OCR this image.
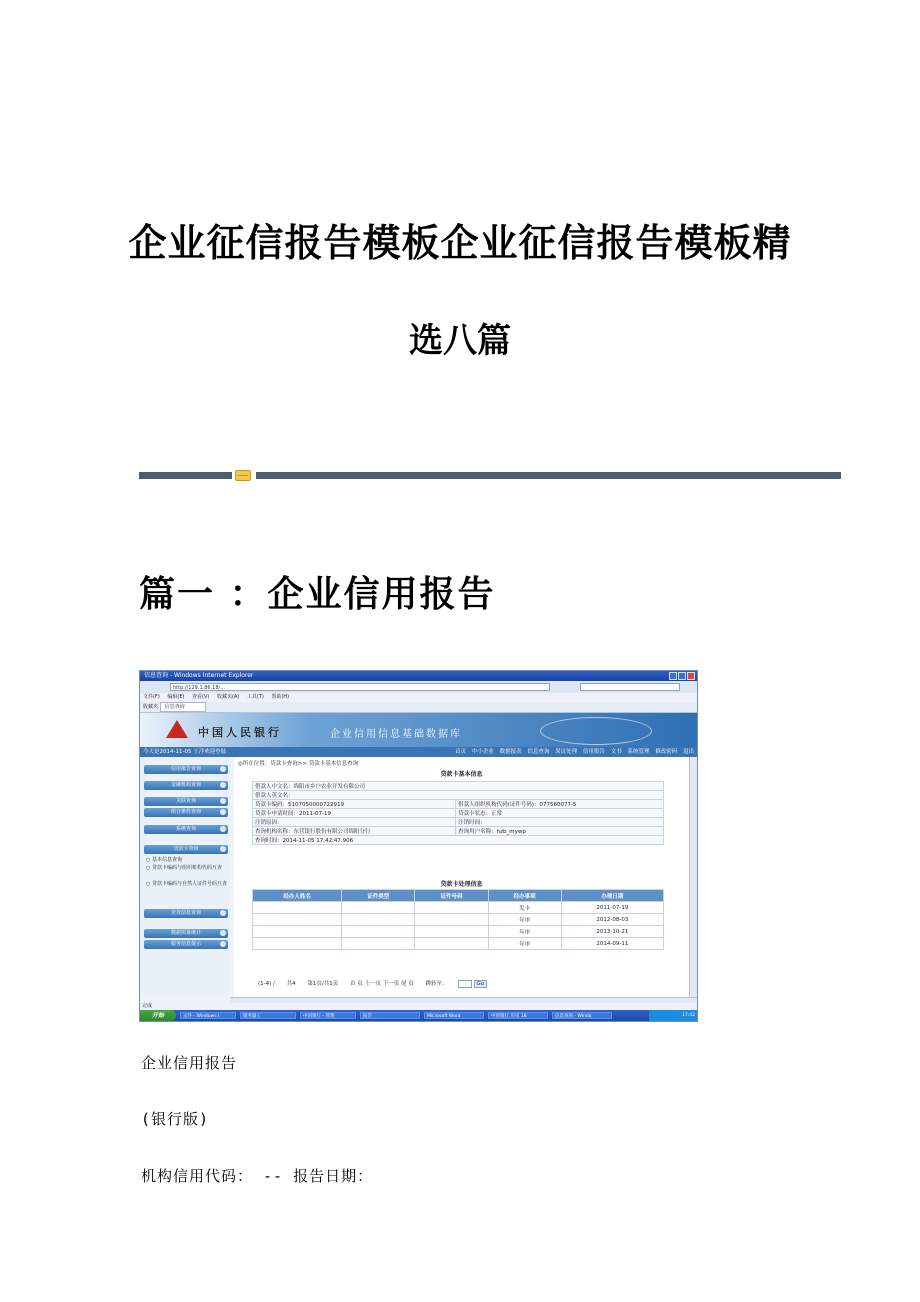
企业征信报告模板企业征信报告模板精
选八篇
篇一 ：企业信用报告
信息查询 - Windows Internet Explorer
http://129.1.86.18/...
文件(F) 编辑(E) 查看(V) 收藏夹(A) 工具(T) 帮助(H)
收藏夹 信息查询
中国人民银行	企业信用信息基础数据库
今天是2014-11-05 王洋欢迎登陆	首页 中小企业 数据报表 信息查询 異议处理 信用报告 文书 系统管理 修改密码 退出
信用报告查询
金融机构查询
关联查询
组合条件查询
系统查询
贷款卡查询
○ 基本信息查询
○ 贷款卡编码与组织机构代码互查
○ 贷款卡编码与自然人证件号码互查
企业信息查询
数据质量统计
服务信息提示
◎所在位置：贷款卡查询>> 贷款卡基本信息查询
贷款卡基本信息
借款人中文名：绵阳市乡户农业开发有限公司	
借款人英文名：	
贷款卡编码：5107050000722919	借款人组织机构代码(证件号码)：077560077-5
贷款卡申请时间：2011-07-19	贷款卡状态：正常
注销原因：	注销时间：
查询机构名称：东营银行股份有限公司绵阳分行	查询用户名称：hzb_mywp
查询时间：2014-11-05 17:42:47.906	
贷款卡处理信息
经办人姓名	证件类型	证件号码	经办事项	办理日期
			发卡	2011-07-19
			年审	2012-08-03
			年审	2013-10-21
			年审	2014-09-11
(1-4) / 共4 第1页/共1页 首 页 上一页 下一页 尾 页 跳转至：	Go
完成
开始	文件 - Windows I	服务器工	中国银行 - 管理	报告	Microsoft Word	中国银行 历史 18	信息查询 - Windo	17:42
企业信用报告
(银行版)
机构信用代码： -- 报告日期：
